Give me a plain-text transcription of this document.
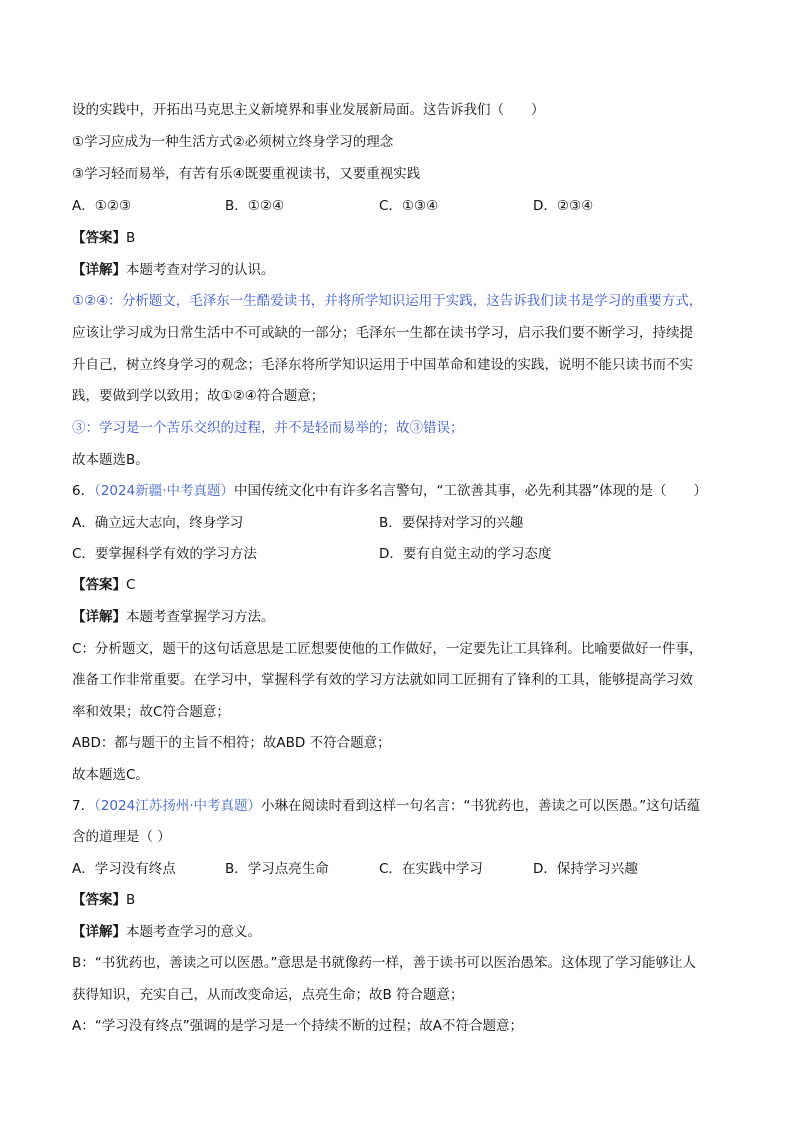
设的实践中，开拓出马克思主义新境界和事业发展新局面。这告诉我们（　　）
①学习应成为一种生活方式②必须树立终身学习的理念
③学习轻而易举，有苦有乐④既要重视读书，又要重视实践
A．①②③	B．①②④	C．①③④	D．②③④
【答案】B
【详解】本题考查对学习的认识。
①②④：分析题文，毛泽东一生酷爱读书，并将所学知识运用于实践，这告诉我们读书是学习的重要方式，
应该让学习成为日常生活中不可或缺的一部分；毛泽东一生都在读书学习，启示我们要不断学习，持续提
升自己，树立终身学习的观念；毛泽东将所学知识运用于中国革命和建设的实践，说明不能只读书而不实
践，要做到学以致用；故①②④符合题意；
③：学习是一个苦乐交织的过程，并不是轻而易举的；故③错误；
故本题选B。
6．（2024新疆·中考真题）中国传统文化中有许多名言警句，“工欲善其事，必先利其器”体现的是（　　）
A．确立远大志向，终身学习	B．要保持对学习的兴趣
C．要掌握科学有效的学习方法	D．要有自觉主动的学习态度
【答案】C
【详解】本题考查掌握学习方法。
C：分析题文，题干的这句话意思是工匠想要使他的工作做好，一定要先让工具锋利。比喻要做好一件事，
准备工作非常重要。在学习中，掌握科学有效的学习方法就如同工匠拥有了锋利的工具，能够提高学习效
率和效果；故C符合题意；
ABD：都与题干的主旨不相符；故ABD 不符合题意；
故本题选C。
7．（2024江苏扬州·中考真题）小琳在阅读时看到这样一句名言：“书犹药也，善读之可以医愚。”这句话蕴
含的道理是（ ）
A．学习没有终点	B．学习点亮生命	C．在实践中学习	D．保持学习兴趣
【答案】B
【详解】本题考查学习的意义。
B：“书犹药也，善读之可以医愚。”意思是书就像药一样，善于读书可以医治愚笨。这体现了学习能够让人
获得知识，充实自己，从而改变命运，点亮生命；故B 符合题意；
A：“学习没有终点”强调的是学习是一个持续不断的过程；故A不符合题意；
